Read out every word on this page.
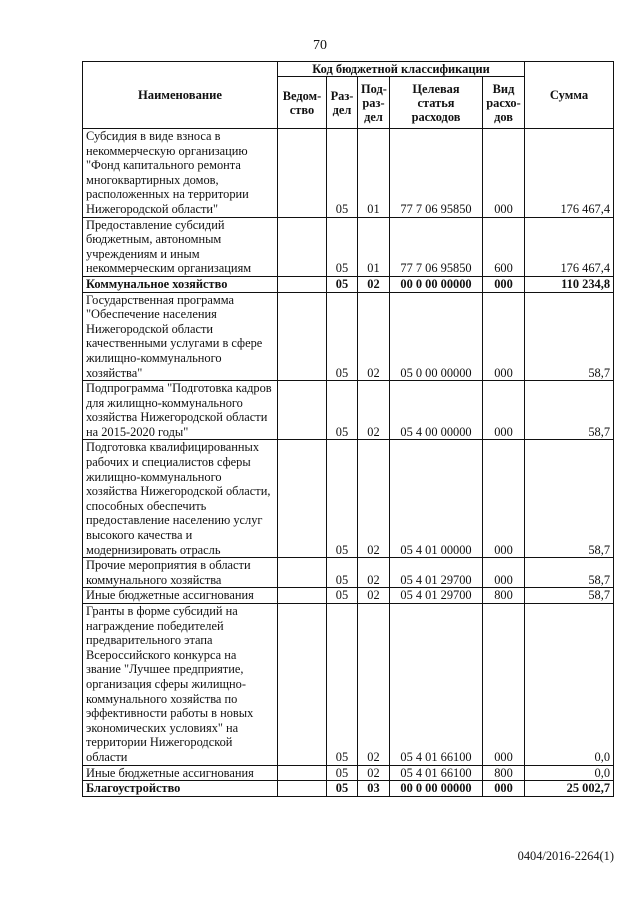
70
Наименование	Код бюджетной классификации					Сумма
	Ведом-ство	Раз-дел	Под-раз-дел	Целевая статья расходов	Вид расхо-дов	
Субсидия в виде взноса в некоммерческую организацию "Фонд капитального ремонта многоквартирных домов, расположенных на территории Нижегородской области"		05	01	77 7 06 95850	000	176 467,4
Предоставление субсидий бюджетным, автономным учреждениям и иным некоммерческим организациям		05	01	77 7 06 95850	600	176 467,4
Коммунальное хозяйство		05	02	00 0 00 00000	000	110 234,8
Государственная программа "Обеспечение населения Нижегородской области качественными услугами в сфере жилищно-коммунального хозяйства"		05	02	05 0 00 00000	000	58,7
Подпрограмма "Подготовка кадров для жилищно-коммунального хозяйства Нижегородской области на 2015-2020 годы"		05	02	05 4 00 00000	000	58,7
Подготовка квалифицированных рабочих и специалистов сферы жилищно-коммунального хозяйства Нижегородской области, способных обеспечить предоставление населению услуг высокого качества и модернизировать отрасль		05	02	05 4 01 00000	000	58,7
Прочие мероприятия в области коммунального хозяйства		05	02	05 4 01 29700	000	58,7
Иные бюджетные ассигнования		05	02	05 4 01 29700	800	58,7
Гранты в форме субсидий на награждение победителей предварительного этапа Всероссийского конкурса на звание "Лучшее предприятие, организация сферы жилищно-коммунального хозяйства по эффективности работы в новых экономических условиях" на территории Нижегородской области		05	02	05 4 01 66100	000	0,0
Иные бюджетные ассигнования		05	02	05 4 01 66100	800	0,0
Благоустройство		05	03	00 0 00 00000	000	25 002,7
0404/2016-2264(1)
